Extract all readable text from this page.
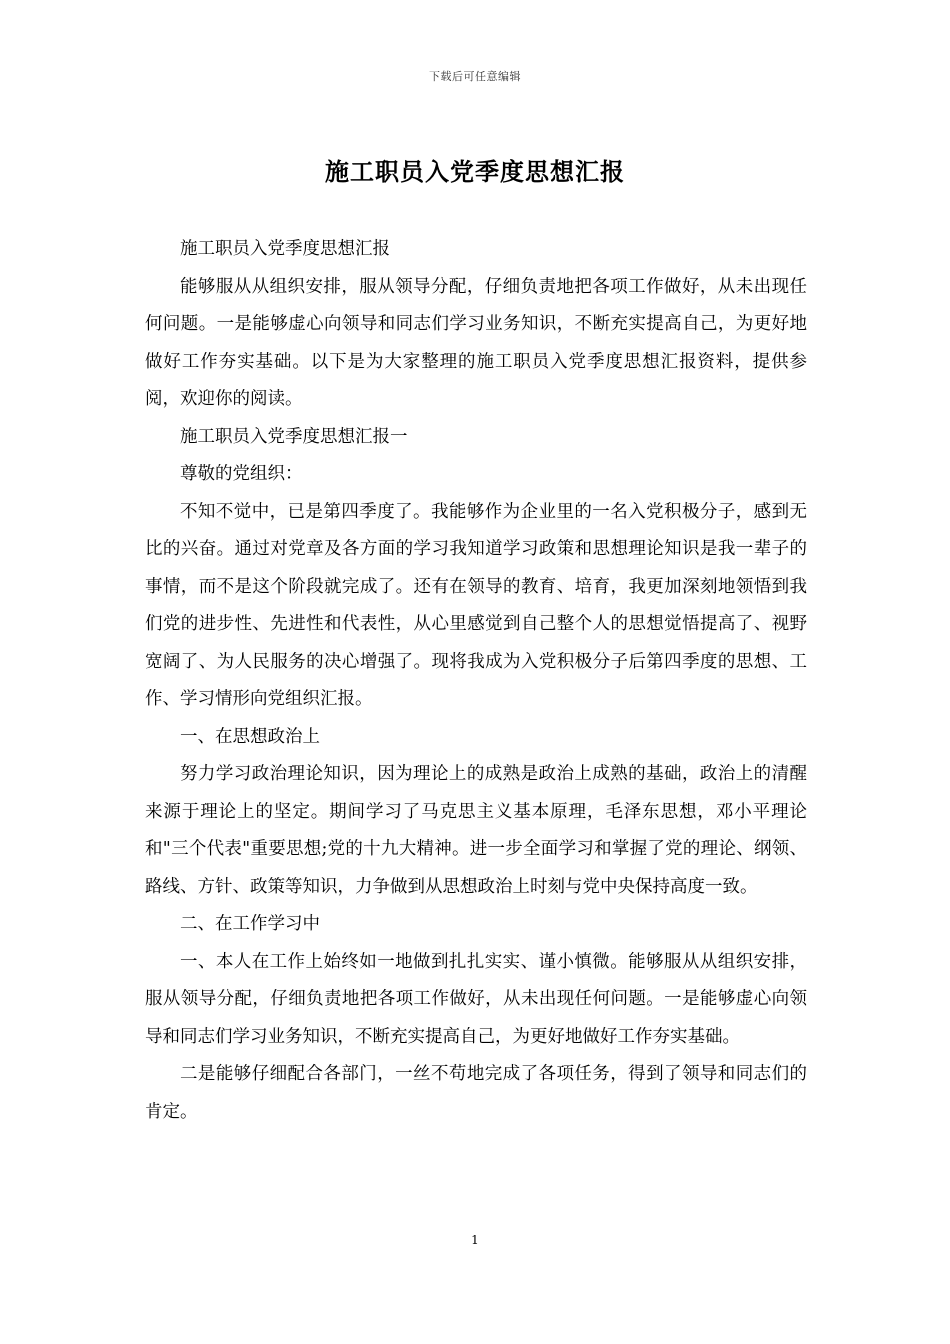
下载后可任意编辑
施工职员入党季度思想汇报

施工职员入党季度思想汇报

能够服从从组织安排，服从领导分配，仔细负责地把各项工作做好，从未出现任何问题。一是能够虚心向领导和同志们学习业务知识，不断充实提高自己，为更好地做好工作夯实基础。以下是为大家整理的施工职员入党季度思想汇报资料，提供参阅，欢迎你的阅读。

施工职员入党季度思想汇报一

尊敬的党组织：

不知不觉中，已是第四季度了。我能够作为企业里的一名入党积极分子，感到无比的兴奋。通过对党章及各方面的学习我知道学习政策和思想理论知识是我一辈子的事情，而不是这个阶段就完成了。还有在领导的教育、培育，我更加深刻地领悟到我们党的进步性、先进性和代表性，从心里感觉到自己整个人的思想觉悟提高了、视野宽阔了、为人民服务的决心增强了。现将我成为入党积极分子后第四季度的思想、工作、学习情形向党组织汇报。

一、在思想政治上

努力学习政治理论知识，因为理论上的成熟是政治上成熟的基础，政治上的清醒来源于理论上的坚定。期间学习了马克思主义基本原理，毛泽东思想，邓小平理论和"三个代表"重要思想;党的十九大精神。进一步全面学习和掌握了党的理论、纲领、路线、方针、政策等知识，力争做到从思想政治上时刻与党中央保持高度一致。

二、在工作学习中

一、本人在工作上始终如一地做到扎扎实实、谨小慎微。能够服从从组织安排，服从领导分配，仔细负责地把各项工作做好，从未出现任何问题。一是能够虚心向领导和同志们学习业务知识，不断充实提高自己，为更好地做好工作夯实基础。

二是能够仔细配合各部门，一丝不苟地完成了各项任务，得到了领导和同志们的肯定。

1
